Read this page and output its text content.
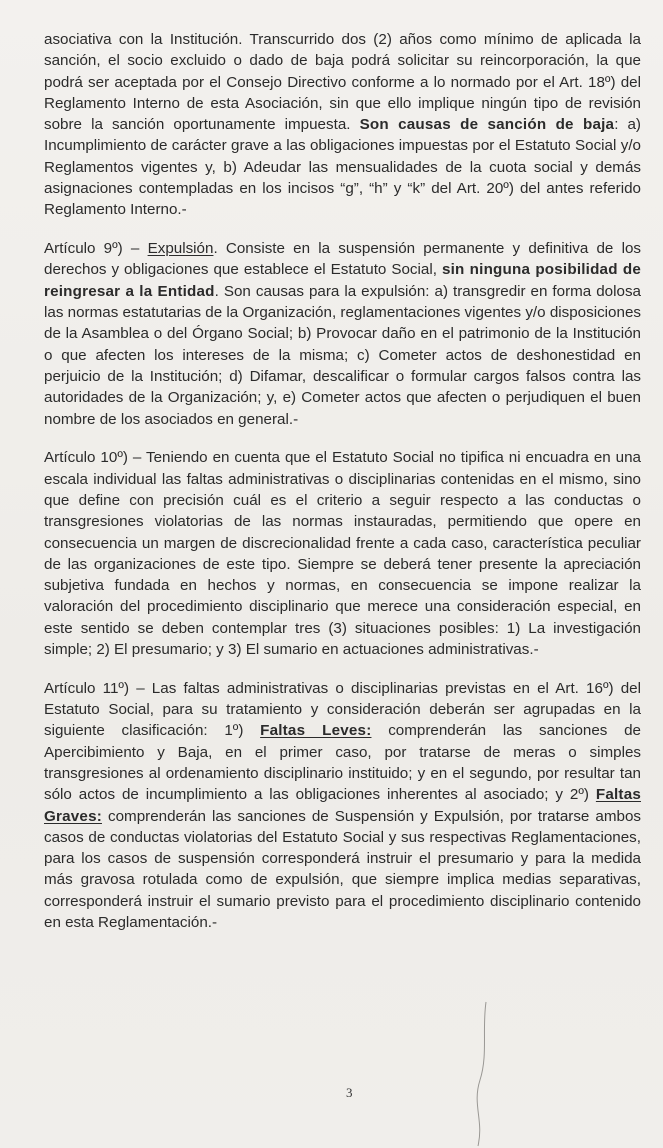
asociativa con la Institución. Transcurrido dos (2) años como mínimo de aplicada la sanción, el socio excluido o dado de baja podrá solicitar su reincorporación, la que podrá ser aceptada por el Consejo Directivo conforme a lo normado por el Art. 18º) del Reglamento Interno de esta Asociación, sin que ello implique ningún tipo de revisión sobre la sanción oportunamente impuesta. Son causas de sanción de baja: a) Incumplimiento de carácter grave a las obligaciones impuestas por el Estatuto Social y/o Reglamentos vigentes y, b) Adeudar las mensualidades de la cuota social y demás asignaciones contempladas en los incisos “g”, “h” y “k” del Art. 20º) del antes referido Reglamento Interno.-

Artículo 9º) – Expulsión. Consiste en la suspensión permanente y definitiva de los derechos y obligaciones que establece el Estatuto Social, sin ninguna posibilidad de reingresar a la Entidad. Son causas para la expulsión: a) transgredir en forma dolosa las normas estatutarias de la Organización, reglamentaciones vigentes y/o disposiciones de la Asamblea o del Órgano Social; b) Provocar daño en el patrimonio de la Institución o que afecten los intereses de la misma; c) Cometer actos de deshonestidad en perjuicio de la Institución; d) Difamar, descalificar o formular cargos falsos contra las autoridades de la Organización; y, e) Cometer actos que afecten o perjudiquen el buen nombre de los asociados en general.-

Artículo 10º) – Teniendo en cuenta que el Estatuto Social no tipifica ni encuadra en una escala individual las faltas administrativas o disciplinarias contenidas en el mismo, sino que define con precisión cuál es el criterio a seguir respecto a las conductas o transgresiones violatorias de las normas instauradas, permitiendo que opere en consecuencia un margen de discrecionalidad frente a cada caso, característica peculiar de las organizaciones de este tipo. Siempre se deberá tener presente la apreciación subjetiva fundada en hechos y normas, en consecuencia se impone realizar la valoración del procedimiento disciplinario que merece una consideración especial, en este sentido se deben contemplar tres (3) situaciones posibles: 1) La investigación simple; 2) El presumario; y 3) El sumario en actuaciones administrativas.-

Artículo 11º) – Las faltas administrativas o disciplinarias previstas en el Art. 16º) del Estatuto Social, para su tratamiento y consideración deberán ser agrupadas en la siguiente clasificación: 1º) Faltas Leves: comprenderán las sanciones de Apercibimiento y Baja, en el primer caso, por tratarse de meras o simples transgresiones al ordenamiento disciplinario instituido; y en el segundo, por resultar tan sólo actos de incumplimiento a las obligaciones inherentes al asociado; y 2º) Faltas Graves: comprenderán las sanciones de Suspensión y Expulsión, por tratarse ambos casos de conductas violatorias del Estatuto Social y sus respectivas Reglamentaciones, para los casos de suspensión corresponderá instruir el presumario y para la medida más gravosa rotulada como de expulsión, que siempre implica medias separativas, corresponderá instruir el sumario previsto para el procedimiento disciplinario contenido en esta Reglamentación.-

3
